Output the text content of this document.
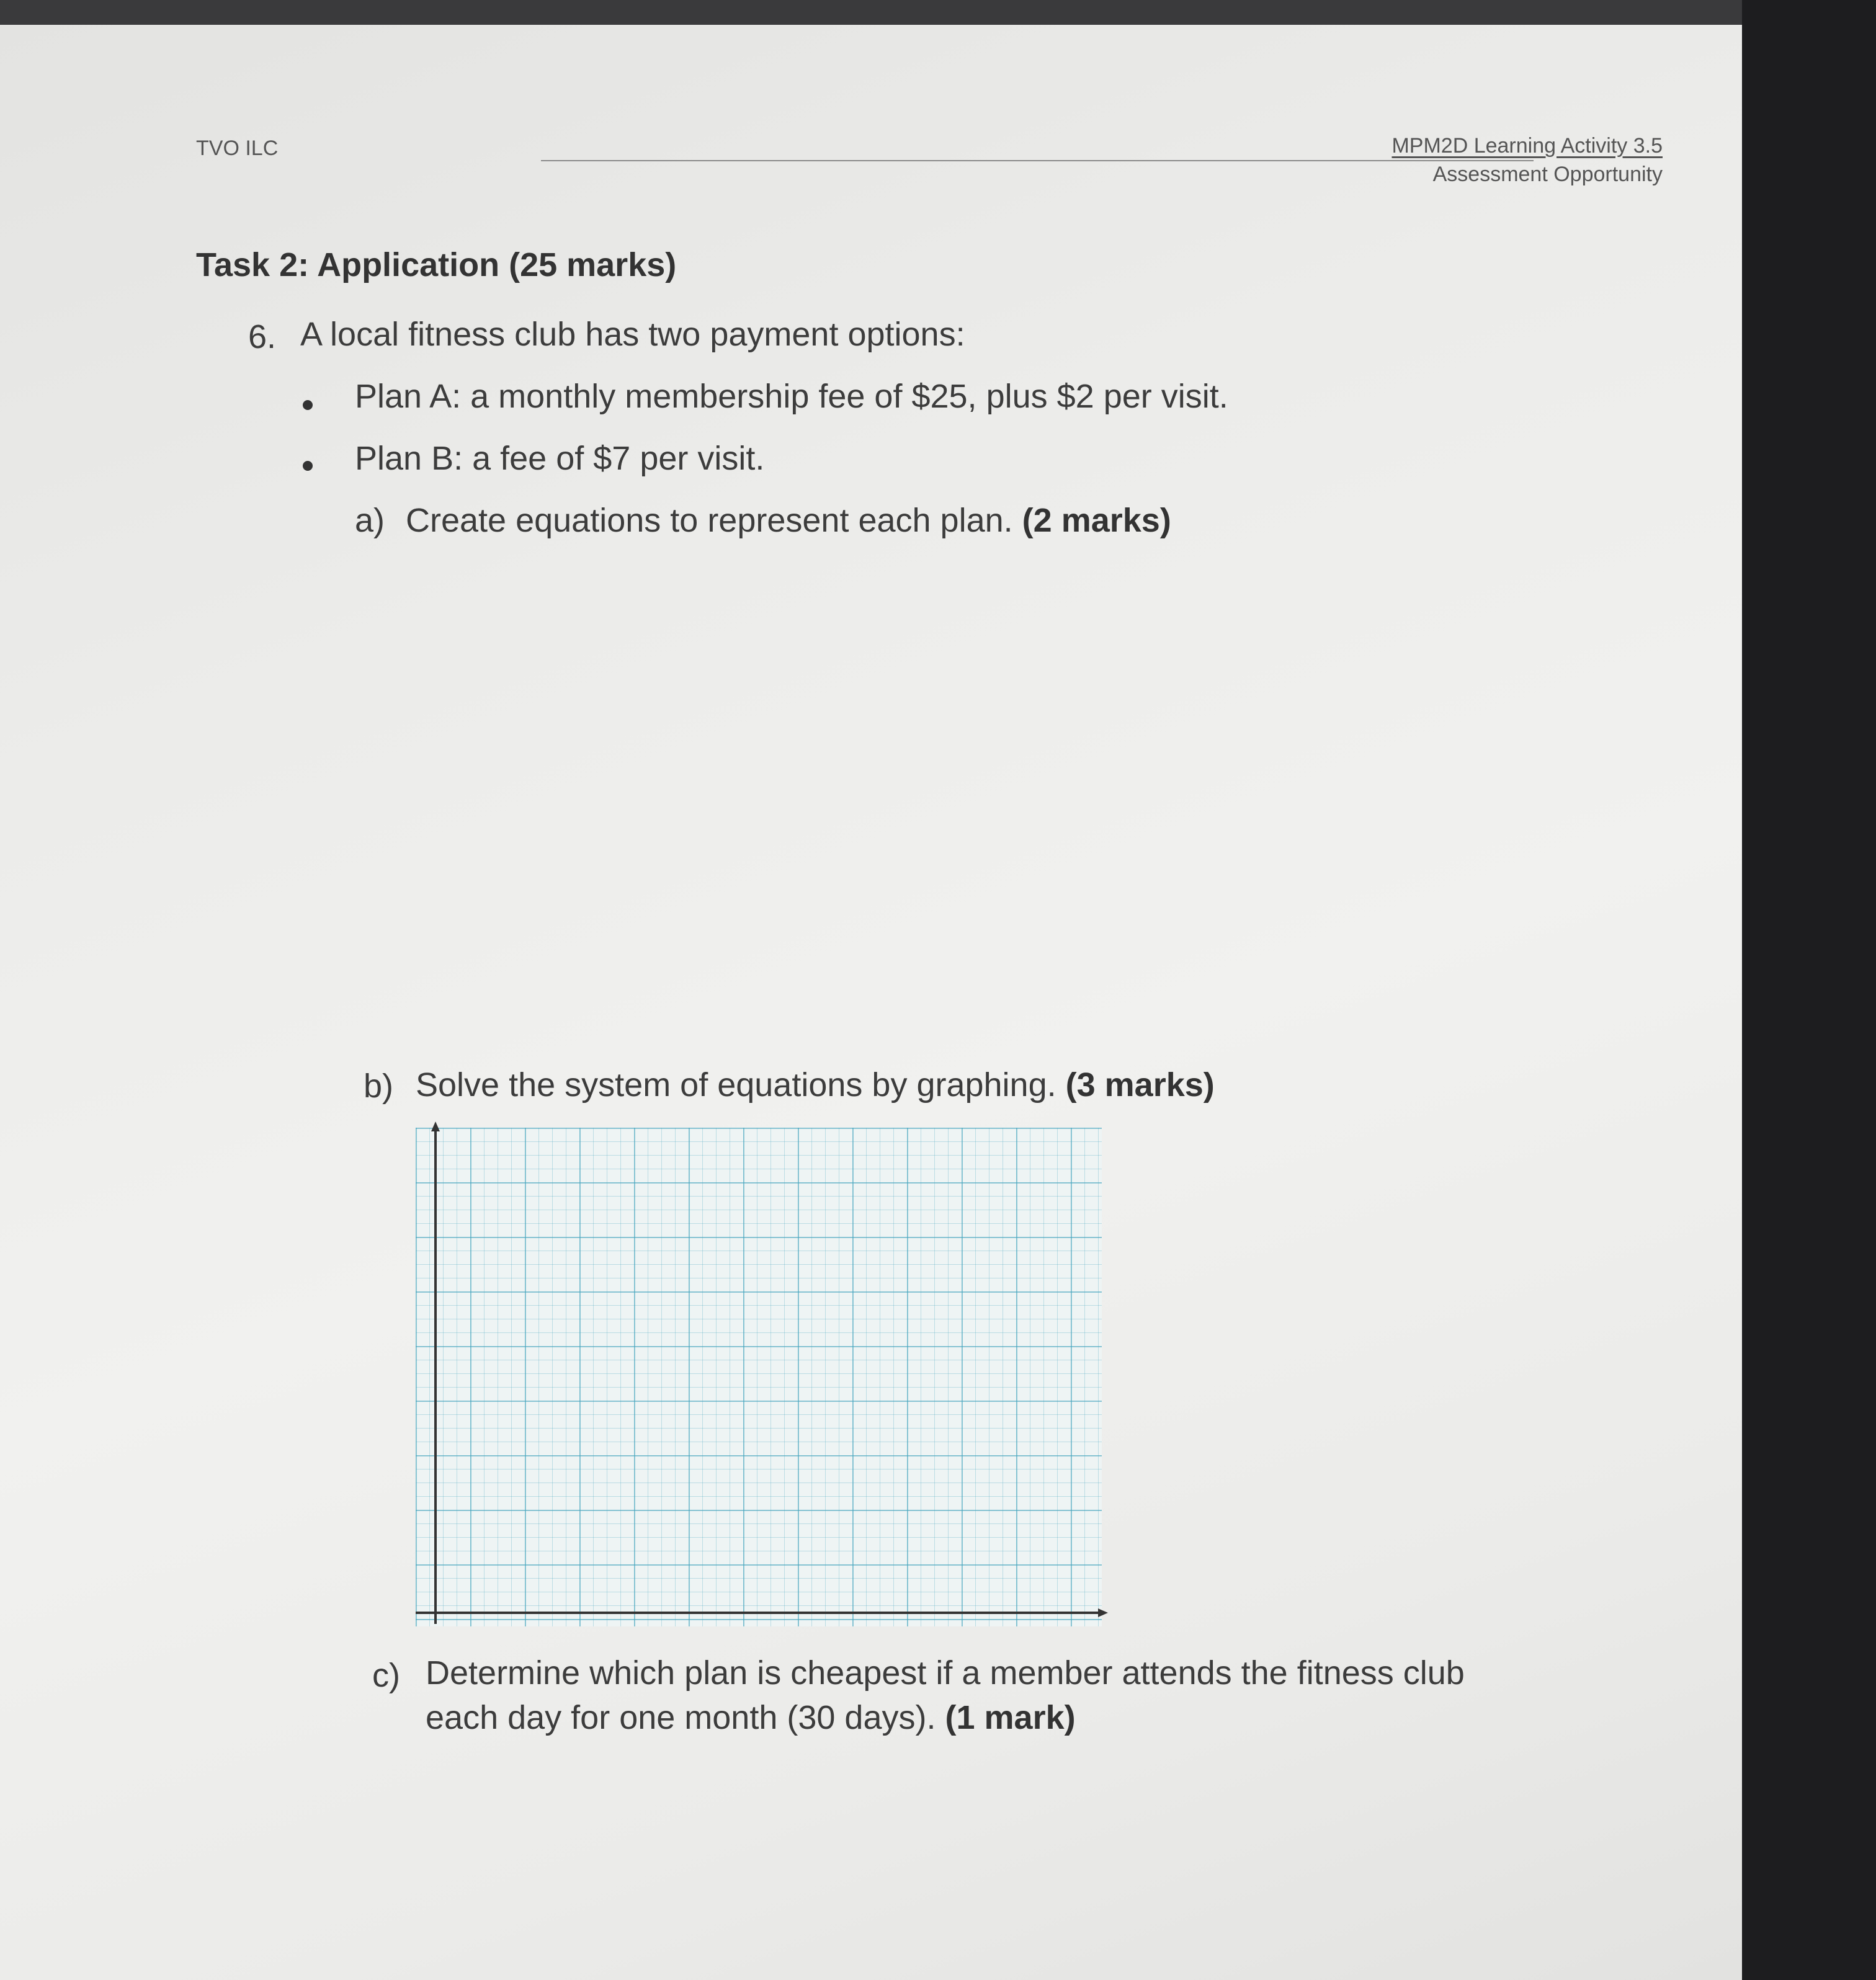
TVO ILC	MPM2D Learning Activity 3.5
Assessment Opportunity
Task 2: Application (25 marks)
6. A local fitness club has two payment options:
Plan A: a monthly membership fee of $25, plus $2 per visit.
Plan B: a fee of $7 per visit.
a) Create equations to represent each plan. (2 marks)
b) Solve the system of equations by graphing. (3 marks)
c) Determine which plan is cheapest if a member attends the fitness club
each day for one month (30 days). (1 mark)
